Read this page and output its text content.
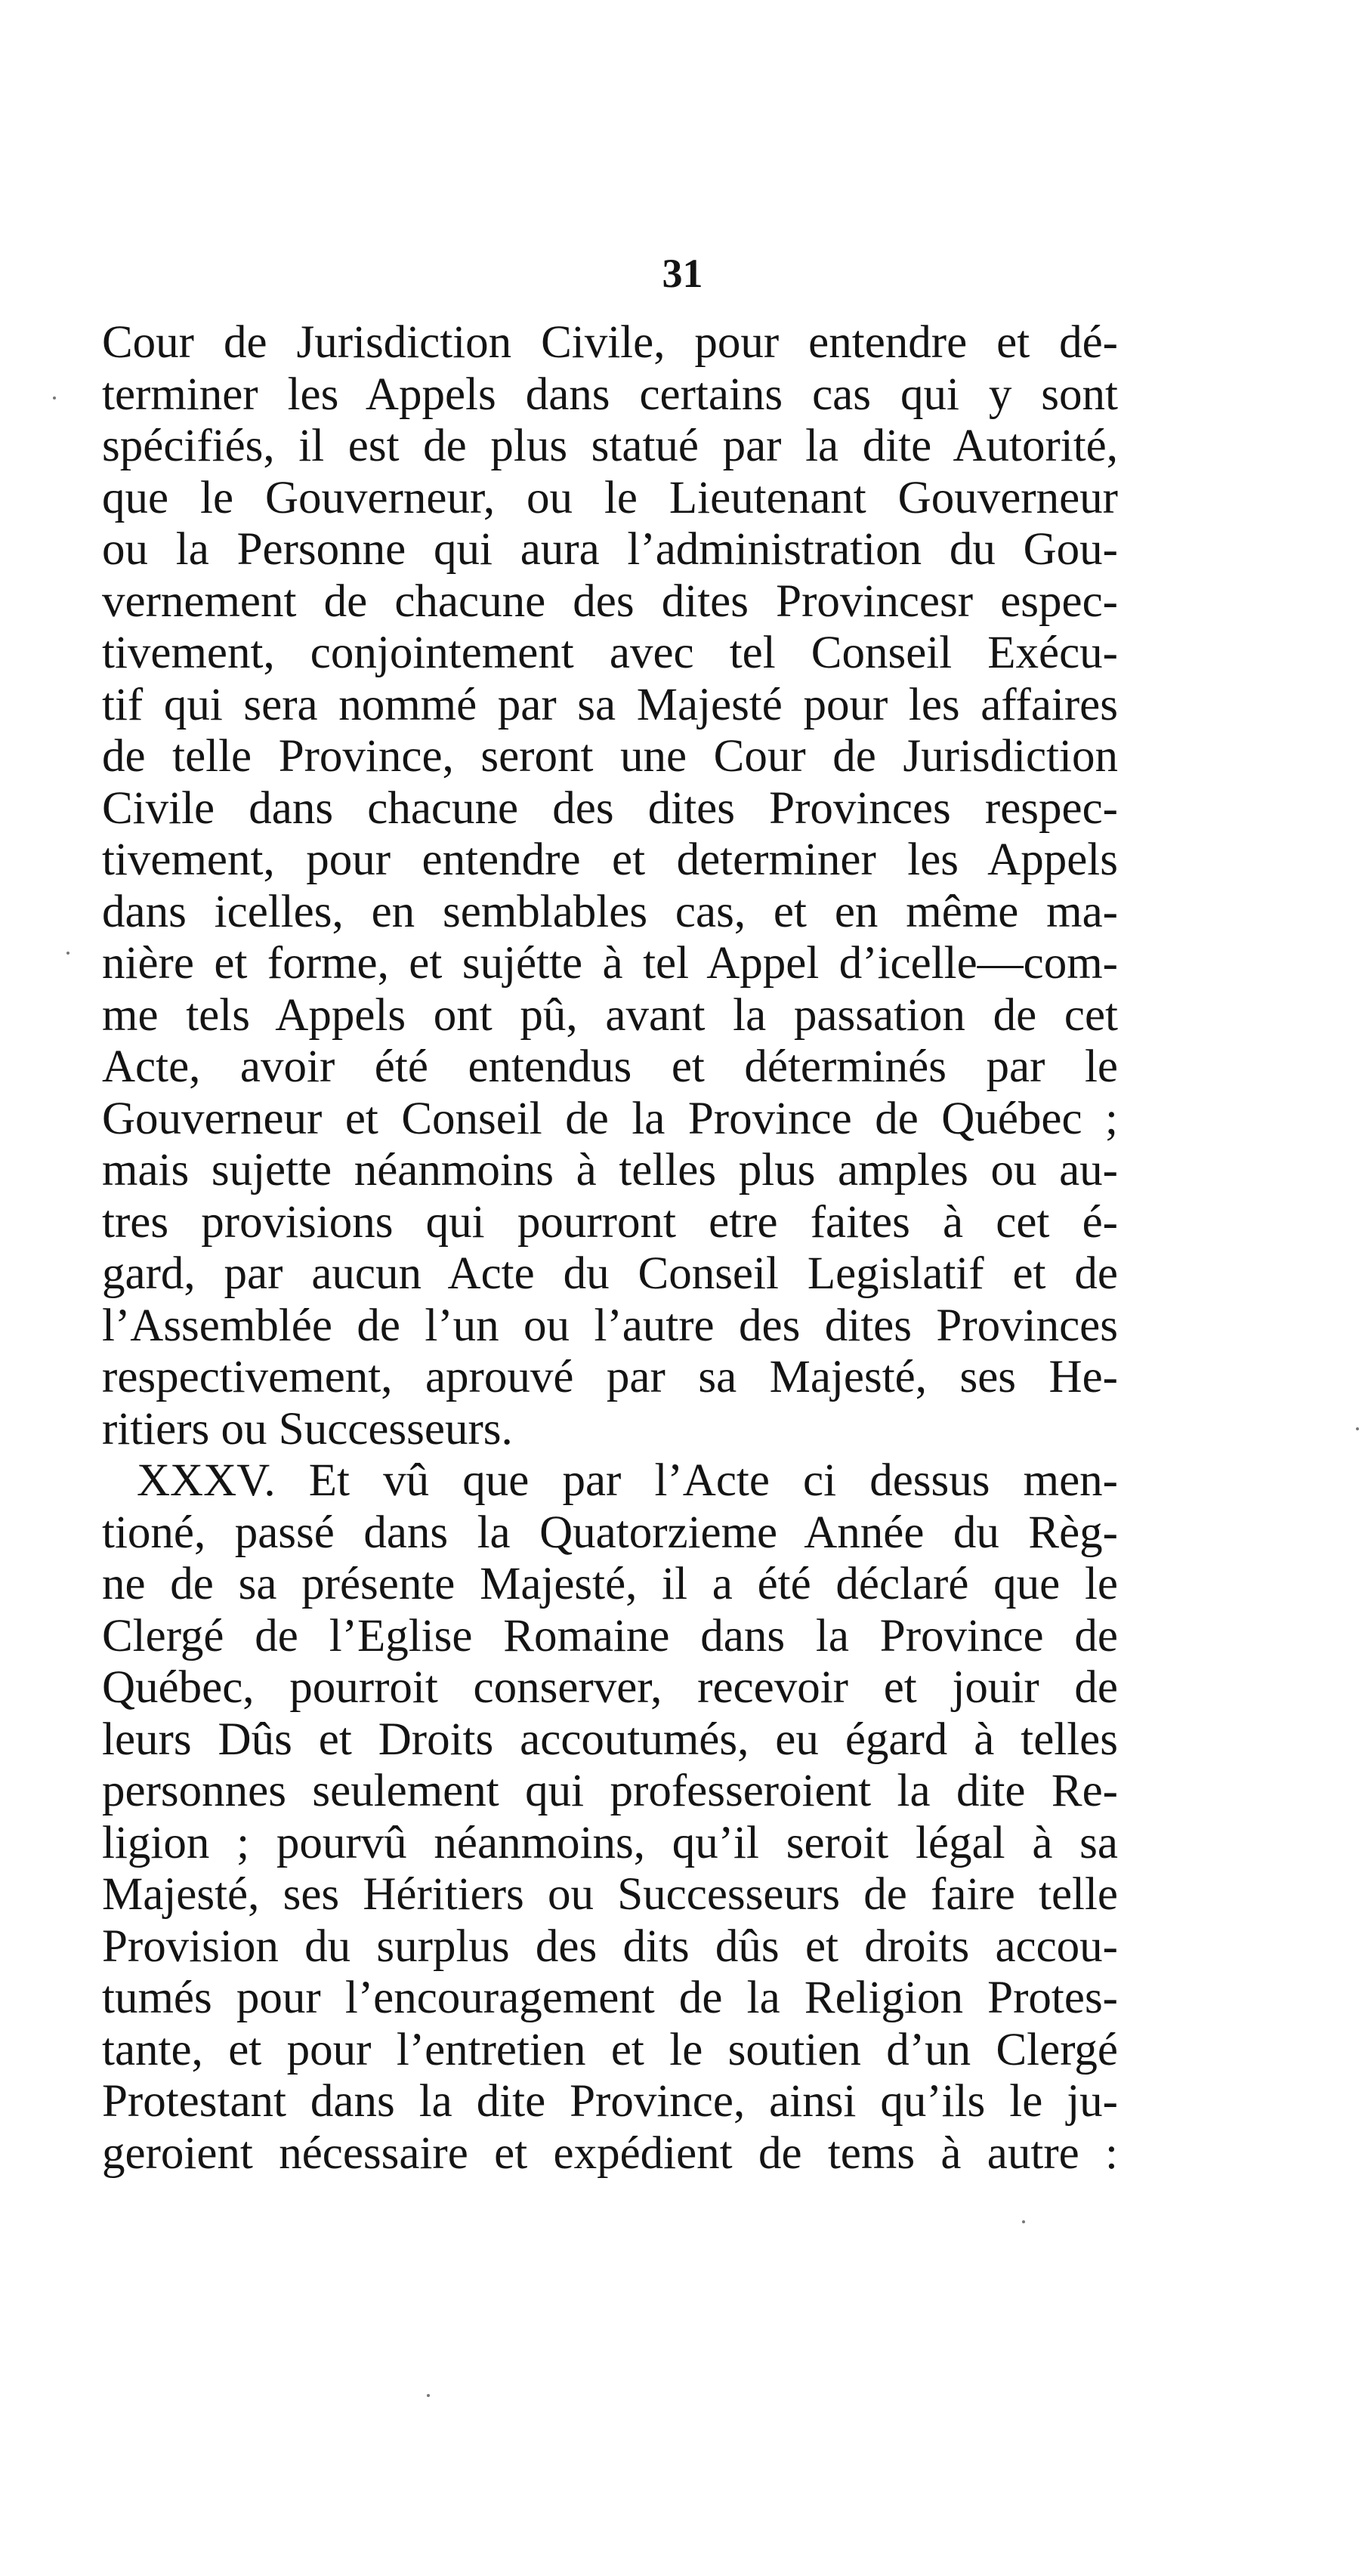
31
Cour de Jurisdiction Civile, pour entendre et dé-
terminer les Appels dans certains cas qui y sont
spécifiés, il est de plus statué par la dite Autorité,
que le Gouverneur, ou le Lieutenant Gouverneur
ou la Personne qui aura l’administration du Gou-
vernement de chacune des dites Provincesr espec-
tivement, conjointement avec tel Conseil Exécu-
tif qui sera nommé par sa Majesté pour les affaires
de telle Province, seront une Cour de Jurisdiction
Civile dans chacune des dites Provinces respec-
tivement, pour entendre et determiner les Appels
dans icelles, en semblables cas, et en même ma-
nière et forme, et sujétte à tel Appel d’icelle—com-
me tels Appels ont pû, avant la passation de cet
Acte, avoir été entendus et déterminés par le
Gouverneur et Conseil de la Province de Québec ;
mais sujette néanmoins à telles plus amples ou au-
tres provisions qui pourront etre faites à cet é-
gard, par aucun Acte du Conseil Legislatif et de
l’Assemblée de l’un ou l’autre des dites Provinces
respectivement, aprouvé par sa Majesté, ses He-
ritiers ou Successeurs.
XXXV. Et vû que par l’Acte ci dessus men-
tioné, passé dans la Quatorzieme Année du Règ-
ne de sa présente Majesté, il a été déclaré que le
Clergé de l’Eglise Romaine dans la Province de
Québec, pourroit conserver, recevoir et jouir de
leurs Dûs et Droits accoutumés, eu égard à telles
personnes seulement qui professeroient la dite Re-
ligion ; pourvû néanmoins, qu’il seroit légal à sa
Majesté, ses Héritiers ou Successeurs de faire telle
Provision du surplus des dits dûs et droits accou-
tumés pour l’encouragement de la Religion Protes-
tante, et pour l’entretien et le soutien d’un Clergé
Protestant dans la dite Province, ainsi qu’ils le ju-
geroient nécessaire et expédient de tems à autre :
